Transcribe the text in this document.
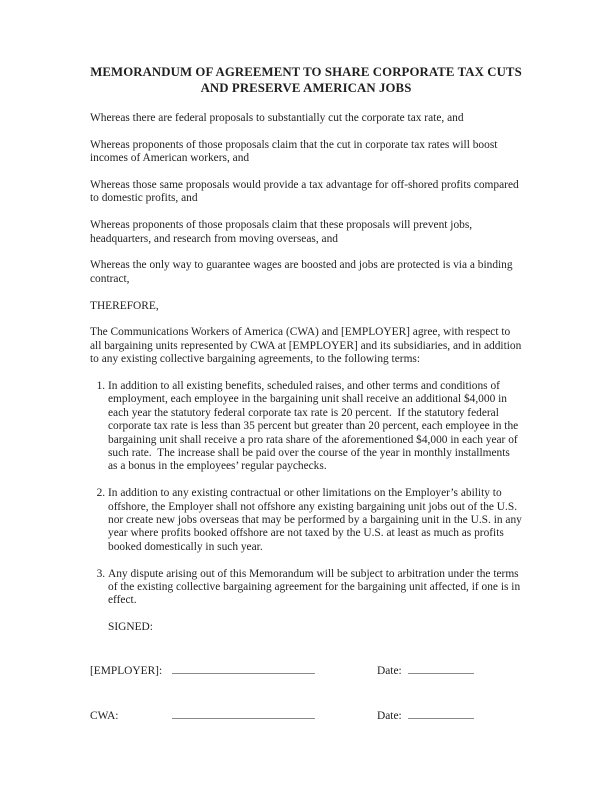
MEMORANDUM OF AGREEMENT TO SHARE CORPORATE TAX CUTS AND PRESERVE AMERICAN JOBS

Whereas there are federal proposals to substantially cut the corporate tax rate, and

Whereas proponents of those proposals claim that the cut in corporate tax rates will boost incomes of American workers, and

Whereas those same proposals would provide a tax advantage for off-shored profits compared to domestic profits, and

Whereas proponents of those proposals claim that these proposals will prevent jobs, headquarters, and research from moving overseas, and

Whereas the only way to guarantee wages are boosted and jobs are protected is via a binding contract,

THEREFORE,

The Communications Workers of America (CWA) and [EMPLOYER] agree, with respect to all bargaining units represented by CWA at [EMPLOYER] and its subsidiaries, and in addition to any existing collective bargaining agreements, to the following terms:

1. In addition to all existing benefits, scheduled raises, and other terms and conditions of employment, each employee in the bargaining unit shall receive an additional $4,000 in each year the statutory federal corporate tax rate is 20 percent.  If the statutory federal corporate tax rate is less than 35 percent but greater than 20 percent, each employee in the bargaining unit shall receive a pro rata share of the aforementioned $4,000 in each year of such rate.  The increase shall be paid over the course of the year in monthly installments as a bonus in the employees’ regular paychecks.
2. In addition to any existing contractual or other limitations on the Employer’s ability to offshore, the Employer shall not offshore any existing bargaining unit jobs out of the U.S. nor create new jobs overseas that may be performed by a bargaining unit in the U.S. in any year where profits booked offshore are not taxed by the U.S. at least as much as profits booked domestically in such year.
3. Any dispute arising out of this Memorandum will be subject to arbitration under the terms of the existing collective bargaining agreement for the bargaining unit affected, if one is in effect.

SIGNED:

[EMPLOYER]:	Date:
CWA:	Date:
